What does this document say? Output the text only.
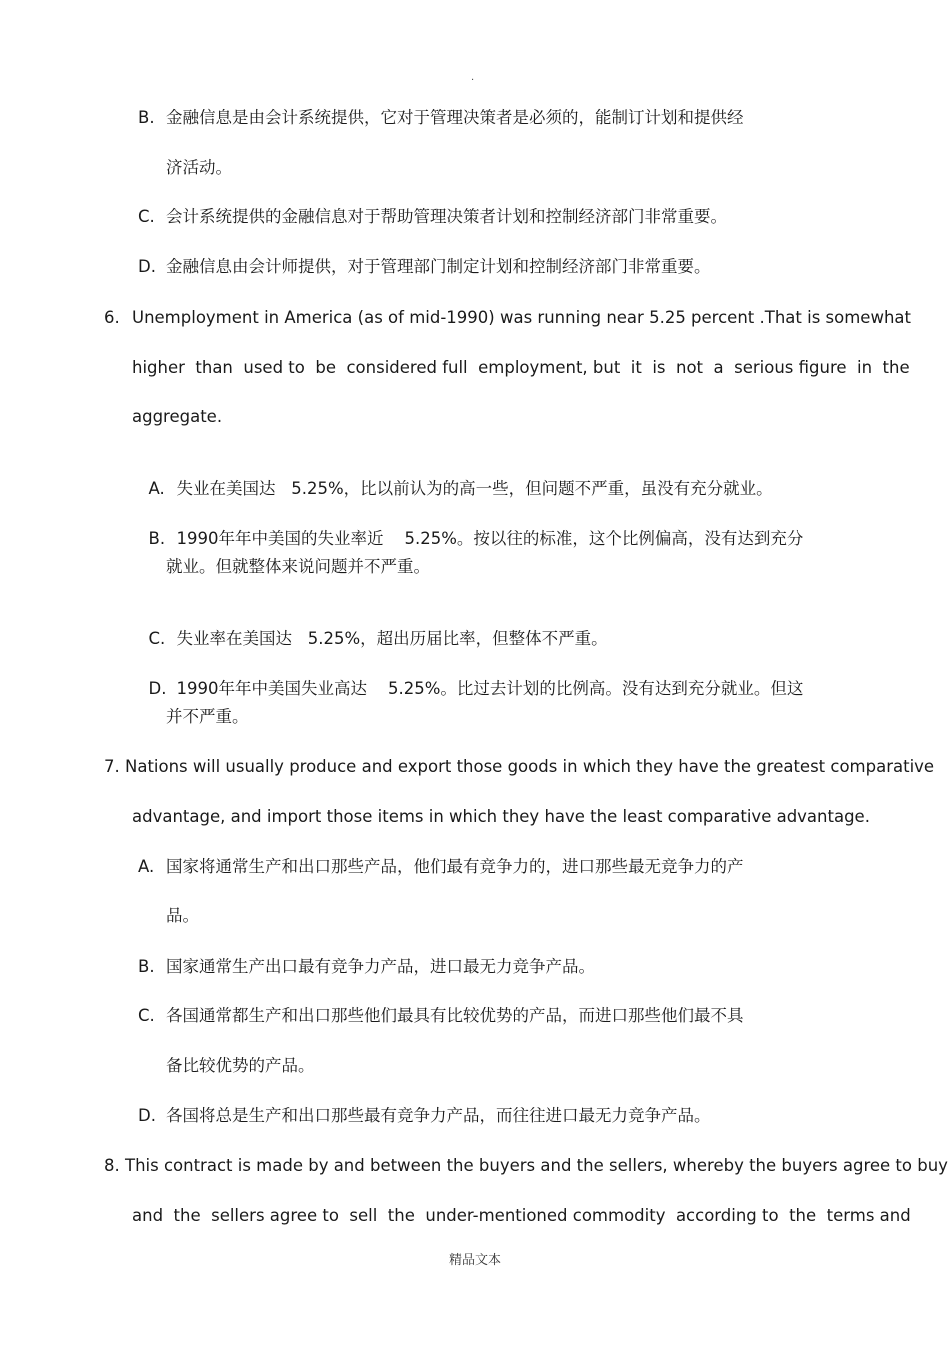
.
B. 金融信息是由会计系统提供，它对于管理决策者是必须的，能制订计划和提供经
济活动。
C. 会计系统提供的金融信息对于帮助管理决策者计划和控制经济部门非常重要。
D. 金融信息由会计师提供，对于管理部门制定计划和控制经济部门非常重要。
6. Unemployment in America (as of mid-1990) was running near 5.25 percent .That is somewhat
higher  than  used to  be  considered full  employment, but  it  is  not  a  serious figure  in  the
aggregate.

A. 失业在美国达   5.25%，比以前认为的高一些，但问题不严重，虽没有充分就业。

B. 1990年年中美国的失业率近    5.25%。按以往的标准，这个比例偏高，没有达到充分

就业。但就整体来说问题并不严重。

C. 失业率在美国达   5.25%，超出历届比率，但整体不严重。

D. 1990年年中美国失业高达    5.25%。比过去计划的比例高。没有达到充分就业。但这

并不严重。
7. Nations will usually produce and export those goods in which they have the greatest comparative
advantage, and import those items in which they have the least comparative advantage.
A. 国家将通常生产和出口那些产品，他们最有竞争力的，进口那些最无竞争力的产
品。
B. 国家通常生产出口最有竞争力产品，进口最无力竞争产品。
C. 各国通常都生产和出口那些他们最具有比较优势的产品，而进口那些他们最不具
备比较优势的产品。
D. 各国将总是生产和出口那些最有竞争力产品，而往往进口最无力竞争产品。
8. This contract is made by and between the buyers and the sellers, whereby the buyers agree to buy
and  the  sellers agree to  sell  the  under-mentioned commodity  according to  the  terms and
精品文本
